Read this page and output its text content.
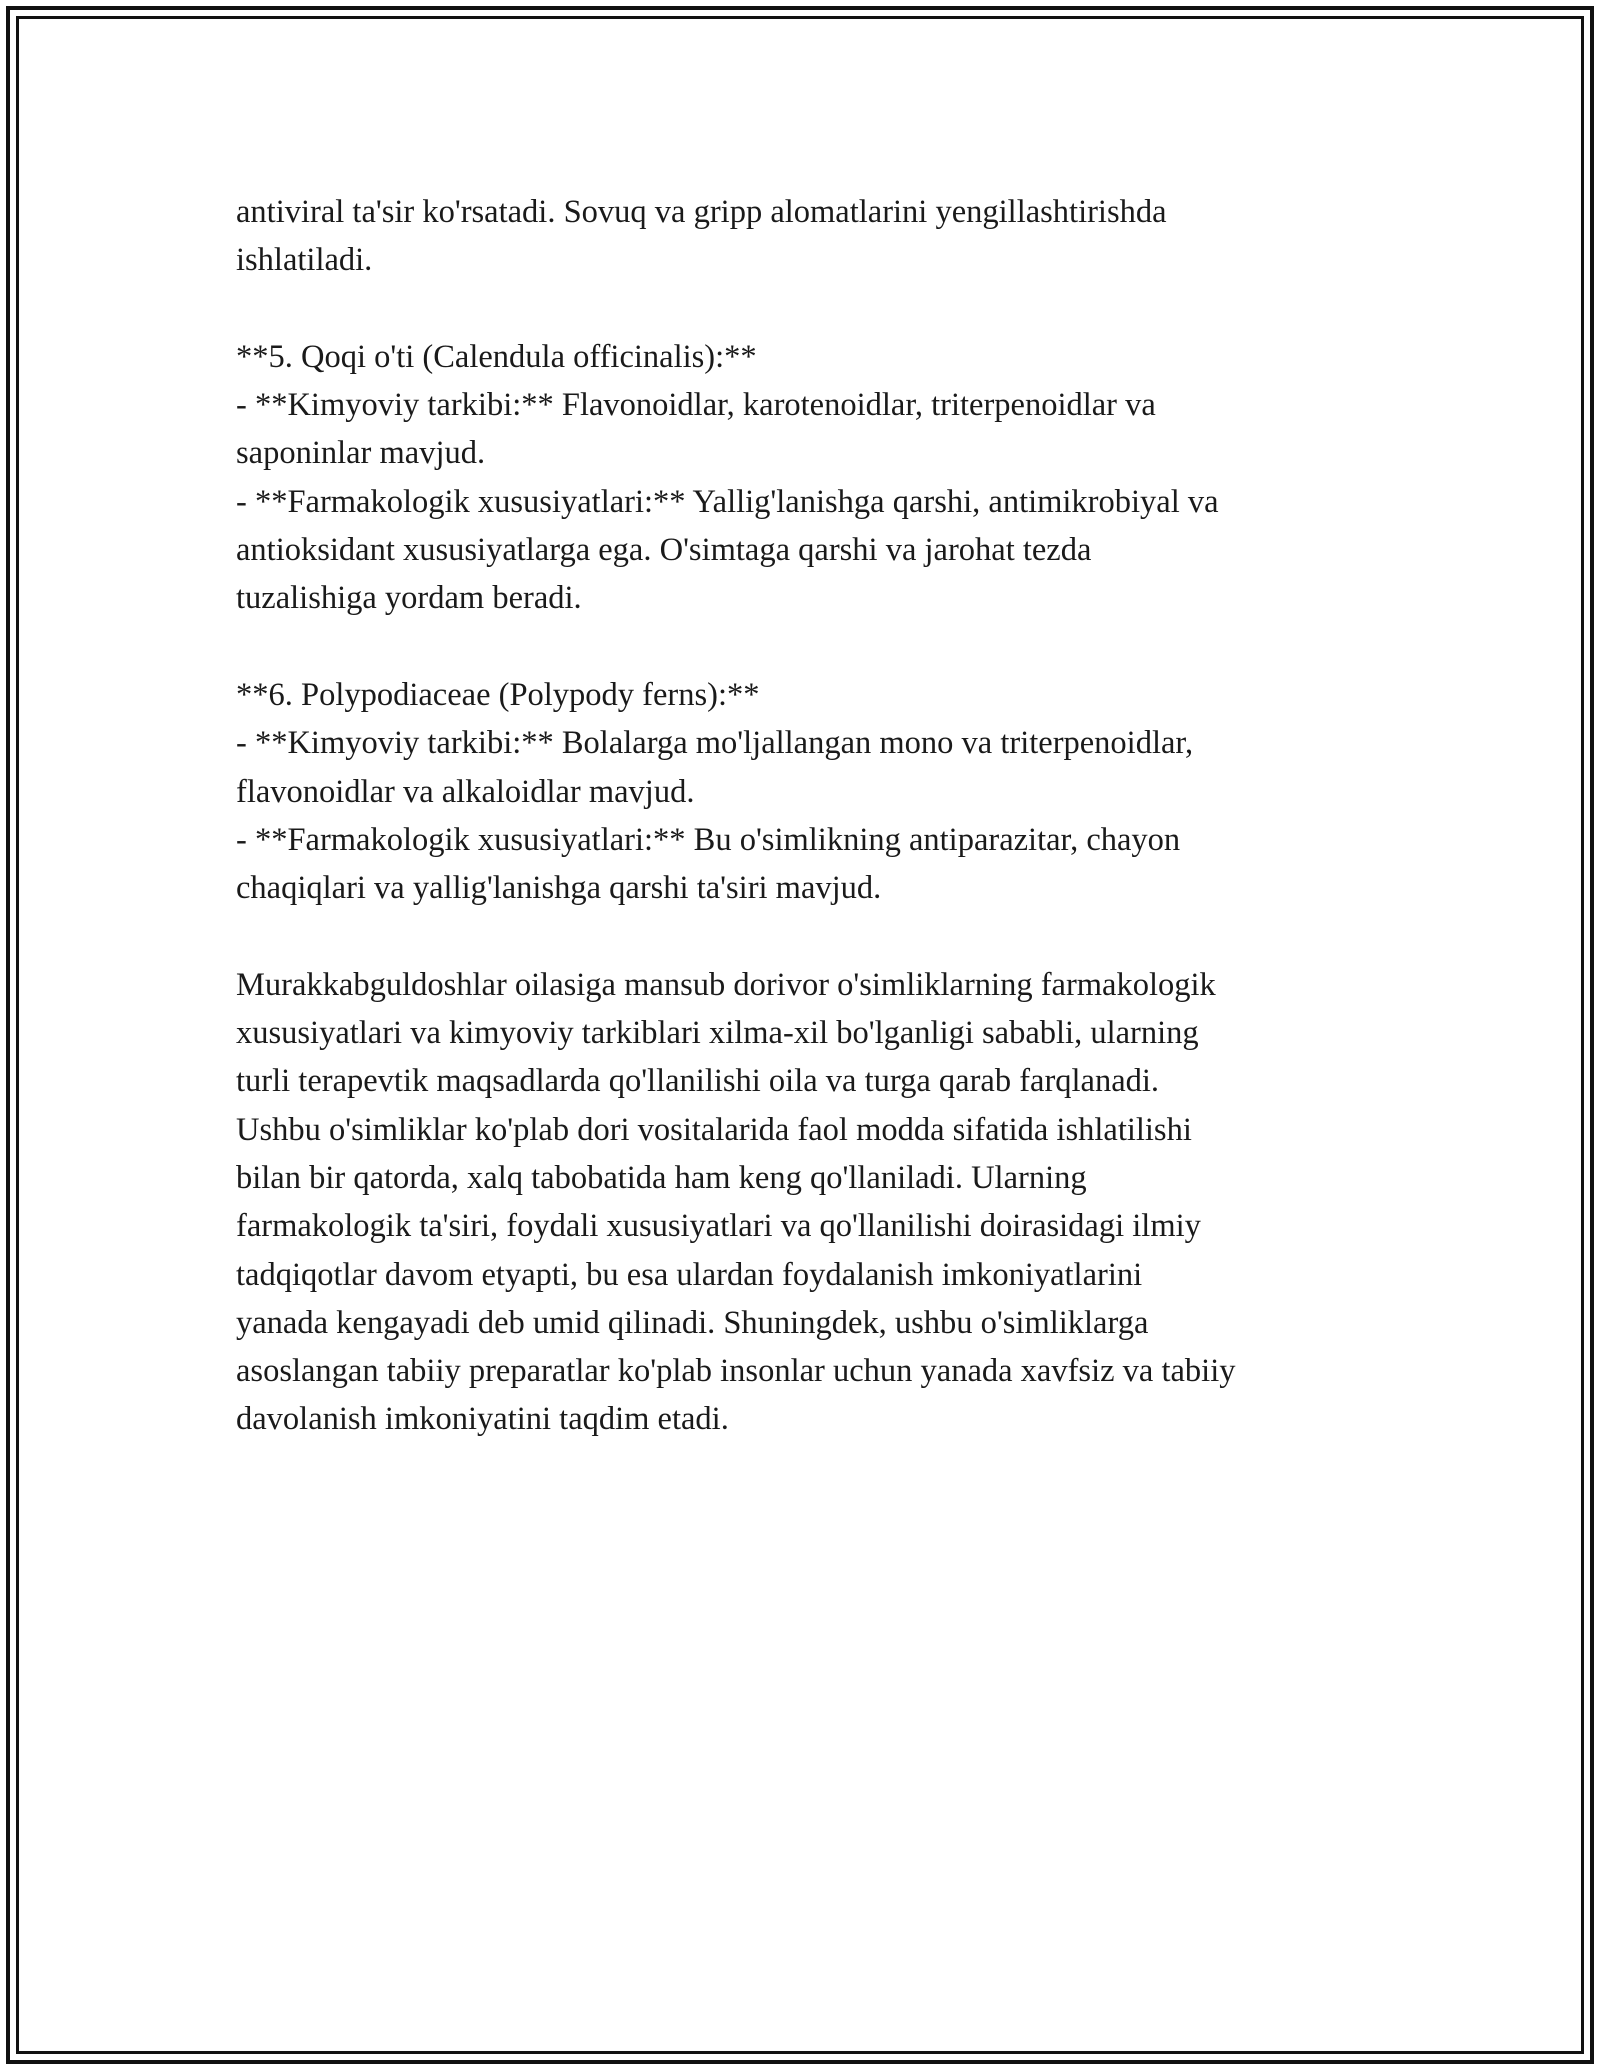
antiviral ta'sir ko'rsatadi. Sovuq va gripp alomatlarini yengillashtirishda
ishlatiladi.
**5. Qoqi o'ti (Calendula officinalis):**
- **Kimyoviy tarkibi:** Flavonoidlar, karotenoidlar, triterpenoidlar va
saponinlar mavjud.
- **Farmakologik xususiyatlari:** Yallig'lanishga qarshi, antimikrobiyal va
antioksidant xususiyatlarga ega. O'simtaga qarshi va jarohat tezda
tuzalishiga yordam beradi.
**6. Polypodiaceae (Polypody ferns):**
- **Kimyoviy tarkibi:** Bolalarga mo'ljallangan mono va triterpenoidlar,
flavonoidlar va alkaloidlar mavjud.
- **Farmakologik xususiyatlari:** Bu o'simlikning antiparazitar, chayon
chaqiqlari va yallig'lanishga qarshi ta'siri mavjud.
Murakkabguldoshlar oilasiga mansub dorivor o'simliklarning farmakologik
xususiyatlari va kimyoviy tarkiblari xilma-xil bo'lganligi sababli, ularning
turli terapevtik maqsadlarda qo'llanilishi oila va turga qarab farqlanadi.
Ushbu o'simliklar ko'plab dori vositalarida faol modda sifatida ishlatilishi
bilan bir qatorda, xalq tabobatida ham keng qo'llaniladi. Ularning
farmakologik ta'siri, foydali xususiyatlari va qo'llanilishi doirasidagi ilmiy
tadqiqotlar davom etyapti, bu esa ulardan foydalanish imkoniyatlarini
yanada kengayadi deb umid qilinadi. Shuningdek, ushbu o'simliklarga
asoslangan tabiiy preparatlar ko'plab insonlar uchun yanada xavfsiz va tabiiy
davolanish imkoniyatini taqdim etadi.
